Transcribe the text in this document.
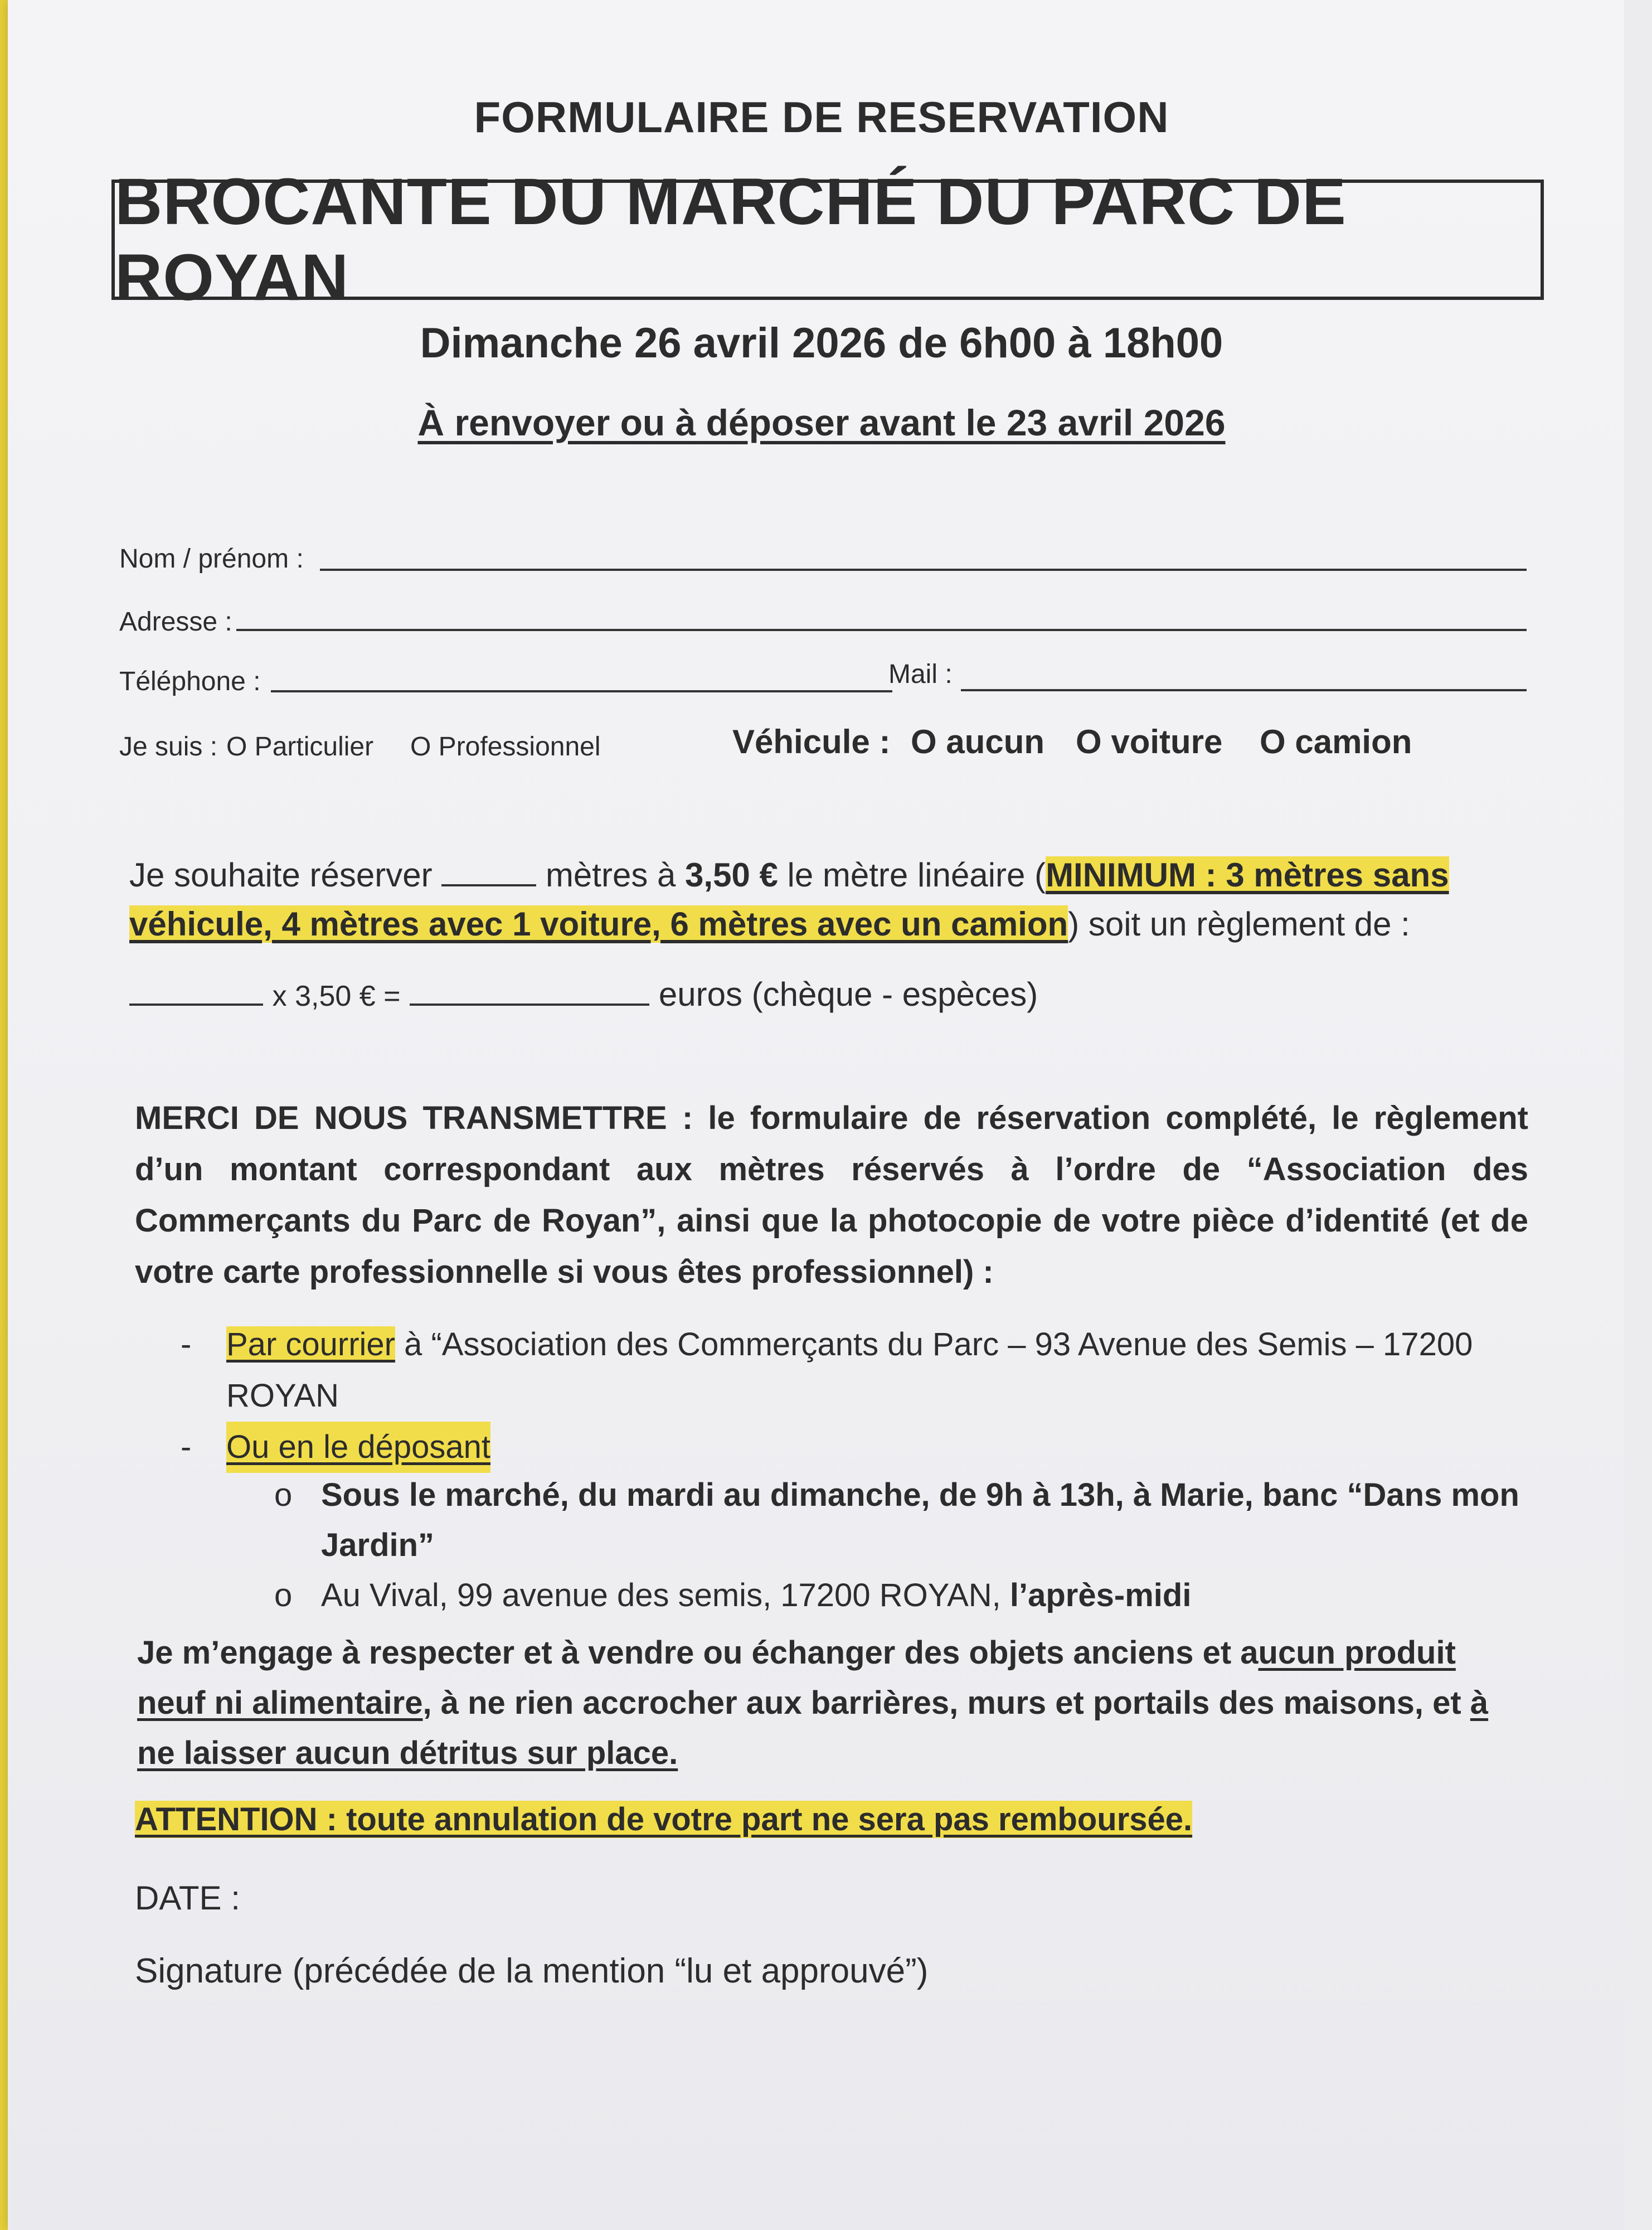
FORMULAIRE DE RESERVATION
BROCANTE DU MARCHÉ DU PARC DE ROYAN
Dimanche 26 avril 2026 de 6h00 à 18h00
À renvoyer ou à déposer avant le 23 avril 2026
Nom / prénom :
Adresse :
Téléphone :	Mail :
Je suis : O Particulier O Professionnel	Véhicule : O aucun O voiture O camion
Je souhaite réserver	mètres à 3,50 € le mètre linéaire (MINIMUM : 3 mètres sans
véhicule, 4 mètres avec 1 voiture, 6 mètres avec un camion) soit un règlement de :
x 3,50 € =	euros (chèque - espèces)
MERCI DE NOUS TRANSMETTRE : le formulaire de réservation complété, le règlement d’un montant correspondant aux mètres réservés à l’ordre de “Association des Commerçants du Parc de Royan”, ainsi que la photocopie de votre pièce d’identité (et de votre carte professionnelle si vous êtes professionnel) :
- Par courrier à “Association des Commerçants du Parc – 93 Avenue des Semis – 17200
ROYAN
- Ou en le déposant
o Sous le marché, du mardi au dimanche, de 9h à 13h, à Marie, banc “Dans mon
Jardin”
o Au Vival, 99 avenue des semis, 17200 ROYAN, l’après-midi
Je m’engage à respecter et à vendre ou échanger des objets anciens et aucun produit neuf ni alimentaire, à ne rien accrocher aux barrières, murs et portails des maisons, et à ne laisser aucun détritus sur place.
ATTENTION : toute annulation de votre part ne sera pas remboursée.
DATE :
Signature (précédée de la mention “lu et approuvé”)
